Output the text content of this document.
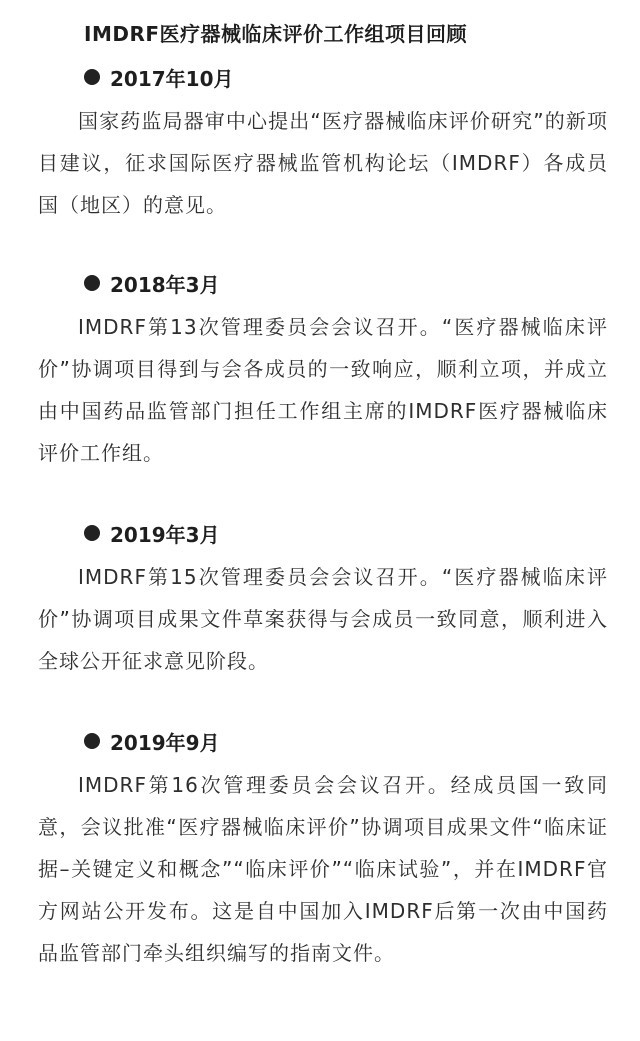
IMDRF医疗器械临床评价工作组项目回顾
2017年10月
国家药监局器审中心提出“医疗器械临床评价研究”的新项目建议，征求国际医疗器械监管机构论坛（IMDRF）各成员国（地区）的意见。
2018年3月
IMDRF第13次管理委员会会议召开。“医疗器械临床评价”协调项目得到与会各成员的一致响应，顺利立项，并成立由中国药品监管部门担任工作组主席的IMDRF医疗器械临床评价工作组。
2019年3月
IMDRF第15次管理委员会会议召开。“医疗器械临床评价”协调项目成果文件草案获得与会成员一致同意，顺利进入全球公开征求意见阶段。
2019年9月
IMDRF第16次管理委员会会议召开。经成员国一致同意，会议批准“医疗器械临床评价”协调项目成果文件“临床证据–关键定义和概念”“临床评价”“临床试验”，并在IMDRF官方网站公开发布。这是自中国加入IMDRF后第一次由中国药品监管部门牵头组织编写的指南文件。
